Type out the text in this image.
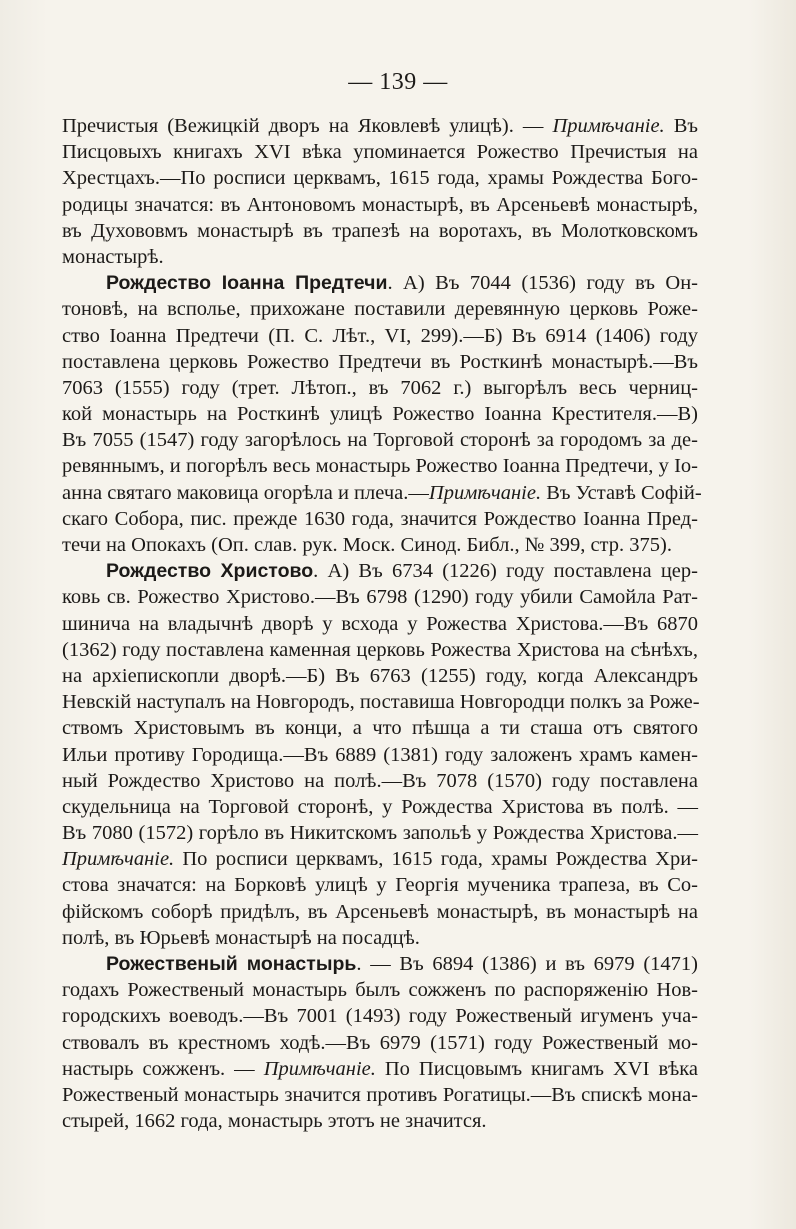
— 139 —
Пречистыя (Вежицкій дворъ на Яковлевѣ улицѣ). — Примѣчаніе. Въ
Писцовыхъ книгахъ XVI вѣка упоминается Рожество Пречистыя на
Хрестцахъ.—По росписи церквамъ, 1615 года, храмы Рождества Бого-
родицы значатся: въ Антоновомъ монастырѣ, въ Арсеньевѣ монастырѣ,
въ Духововмъ монастырѣ въ трапезѣ на воротахъ, въ Молотковскомъ
монастырѣ.
Рождество Іоанна Предтечи. А) Въ 7044 (1536) году въ Он-
тоновѣ, на всполье, прихожане поставили деревянную церковь Роже-
ство Іоанна Предтечи (П. С. Лѣт., VI, 299).—Б) Въ 6914 (1406) году
поставлена церковь Рожество Предтечи въ Росткинѣ монастырѣ.—Въ
7063 (1555) году (трет. Лѣтоп., въ 7062 г.) выгорѣлъ весь черниц-
кой монастырь на Росткинѣ улицѣ Рожество Іоанна Крестителя.—В)
Въ 7055 (1547) году загорѣлось на Торговой сторонѣ за городомъ за де-
ревяннымъ, и погорѣлъ весь монастырь Рожество Іоанна Предтечи, у Іо-
анна святаго маковица огорѣла и плеча.—Примѣчаніе. Въ Уставѣ Софій-
скаго Собора, пис. прежде 1630 года, значится Рождество Іоанна Пред-
течи на Опокахъ (Оп. слав. рук. Моск. Синод. Библ., № 399, стр. 375).
Рождество Христово. А) Въ 6734 (1226) году поставлена цер-
ковь св. Рожество Христово.—Въ 6798 (1290) году убили Самойла Рат-
шинича на владычнѣ дворѣ у всхода у Рожества Христова.—Въ 6870
(1362) году поставлена каменная церковь Рожества Христова на сѣнѣхъ,
на архіепископли дворѣ.—Б) Въ 6763 (1255) году, когда Александръ
Невскій наступалъ на Новгородъ, поставиша Новгородци полкъ за Роже-
ствомъ Христовымъ въ конци, а что пѣшца а ти сташа отъ святого
Ильи противу Городища.—Въ 6889 (1381) году заложенъ храмъ камен-
ный Рождество Христово на полѣ.—Въ 7078 (1570) году поставлена
скудельница на Торговой сторонѣ, у Рождества Христова въ полѣ. —
Въ 7080 (1572) горѣло въ Никитскомъ запольѣ у Рождества Христова.—
Примѣчаніе. По росписи церквамъ, 1615 года, храмы Рождества Хри-
стова значатся: на Борковѣ улицѣ у Георгія мученика трапеза, въ Со-
фійскомъ соборѣ придѣлъ, въ Арсеньевѣ монастырѣ, въ монастырѣ на
полѣ, въ Юрьевѣ монастырѣ на посадцѣ.
Рожественый монастырь. — Въ 6894 (1386) и въ 6979 (1471)
годахъ Рожественый монастырь былъ сожженъ по распоряженію Нов-
городскихъ воеводъ.—Въ 7001 (1493) году Рожественый игуменъ уча-
ствовалъ въ крестномъ ходѣ.—Въ 6979 (1571) году Рожественый мо-
настырь сожженъ. — Примѣчаніе. По Писцовымъ книгамъ XVI вѣка
Рожественый монастырь значится противъ Рогатицы.—Въ спискѣ мона-
стырей, 1662 года, монастырь этотъ не значится.
